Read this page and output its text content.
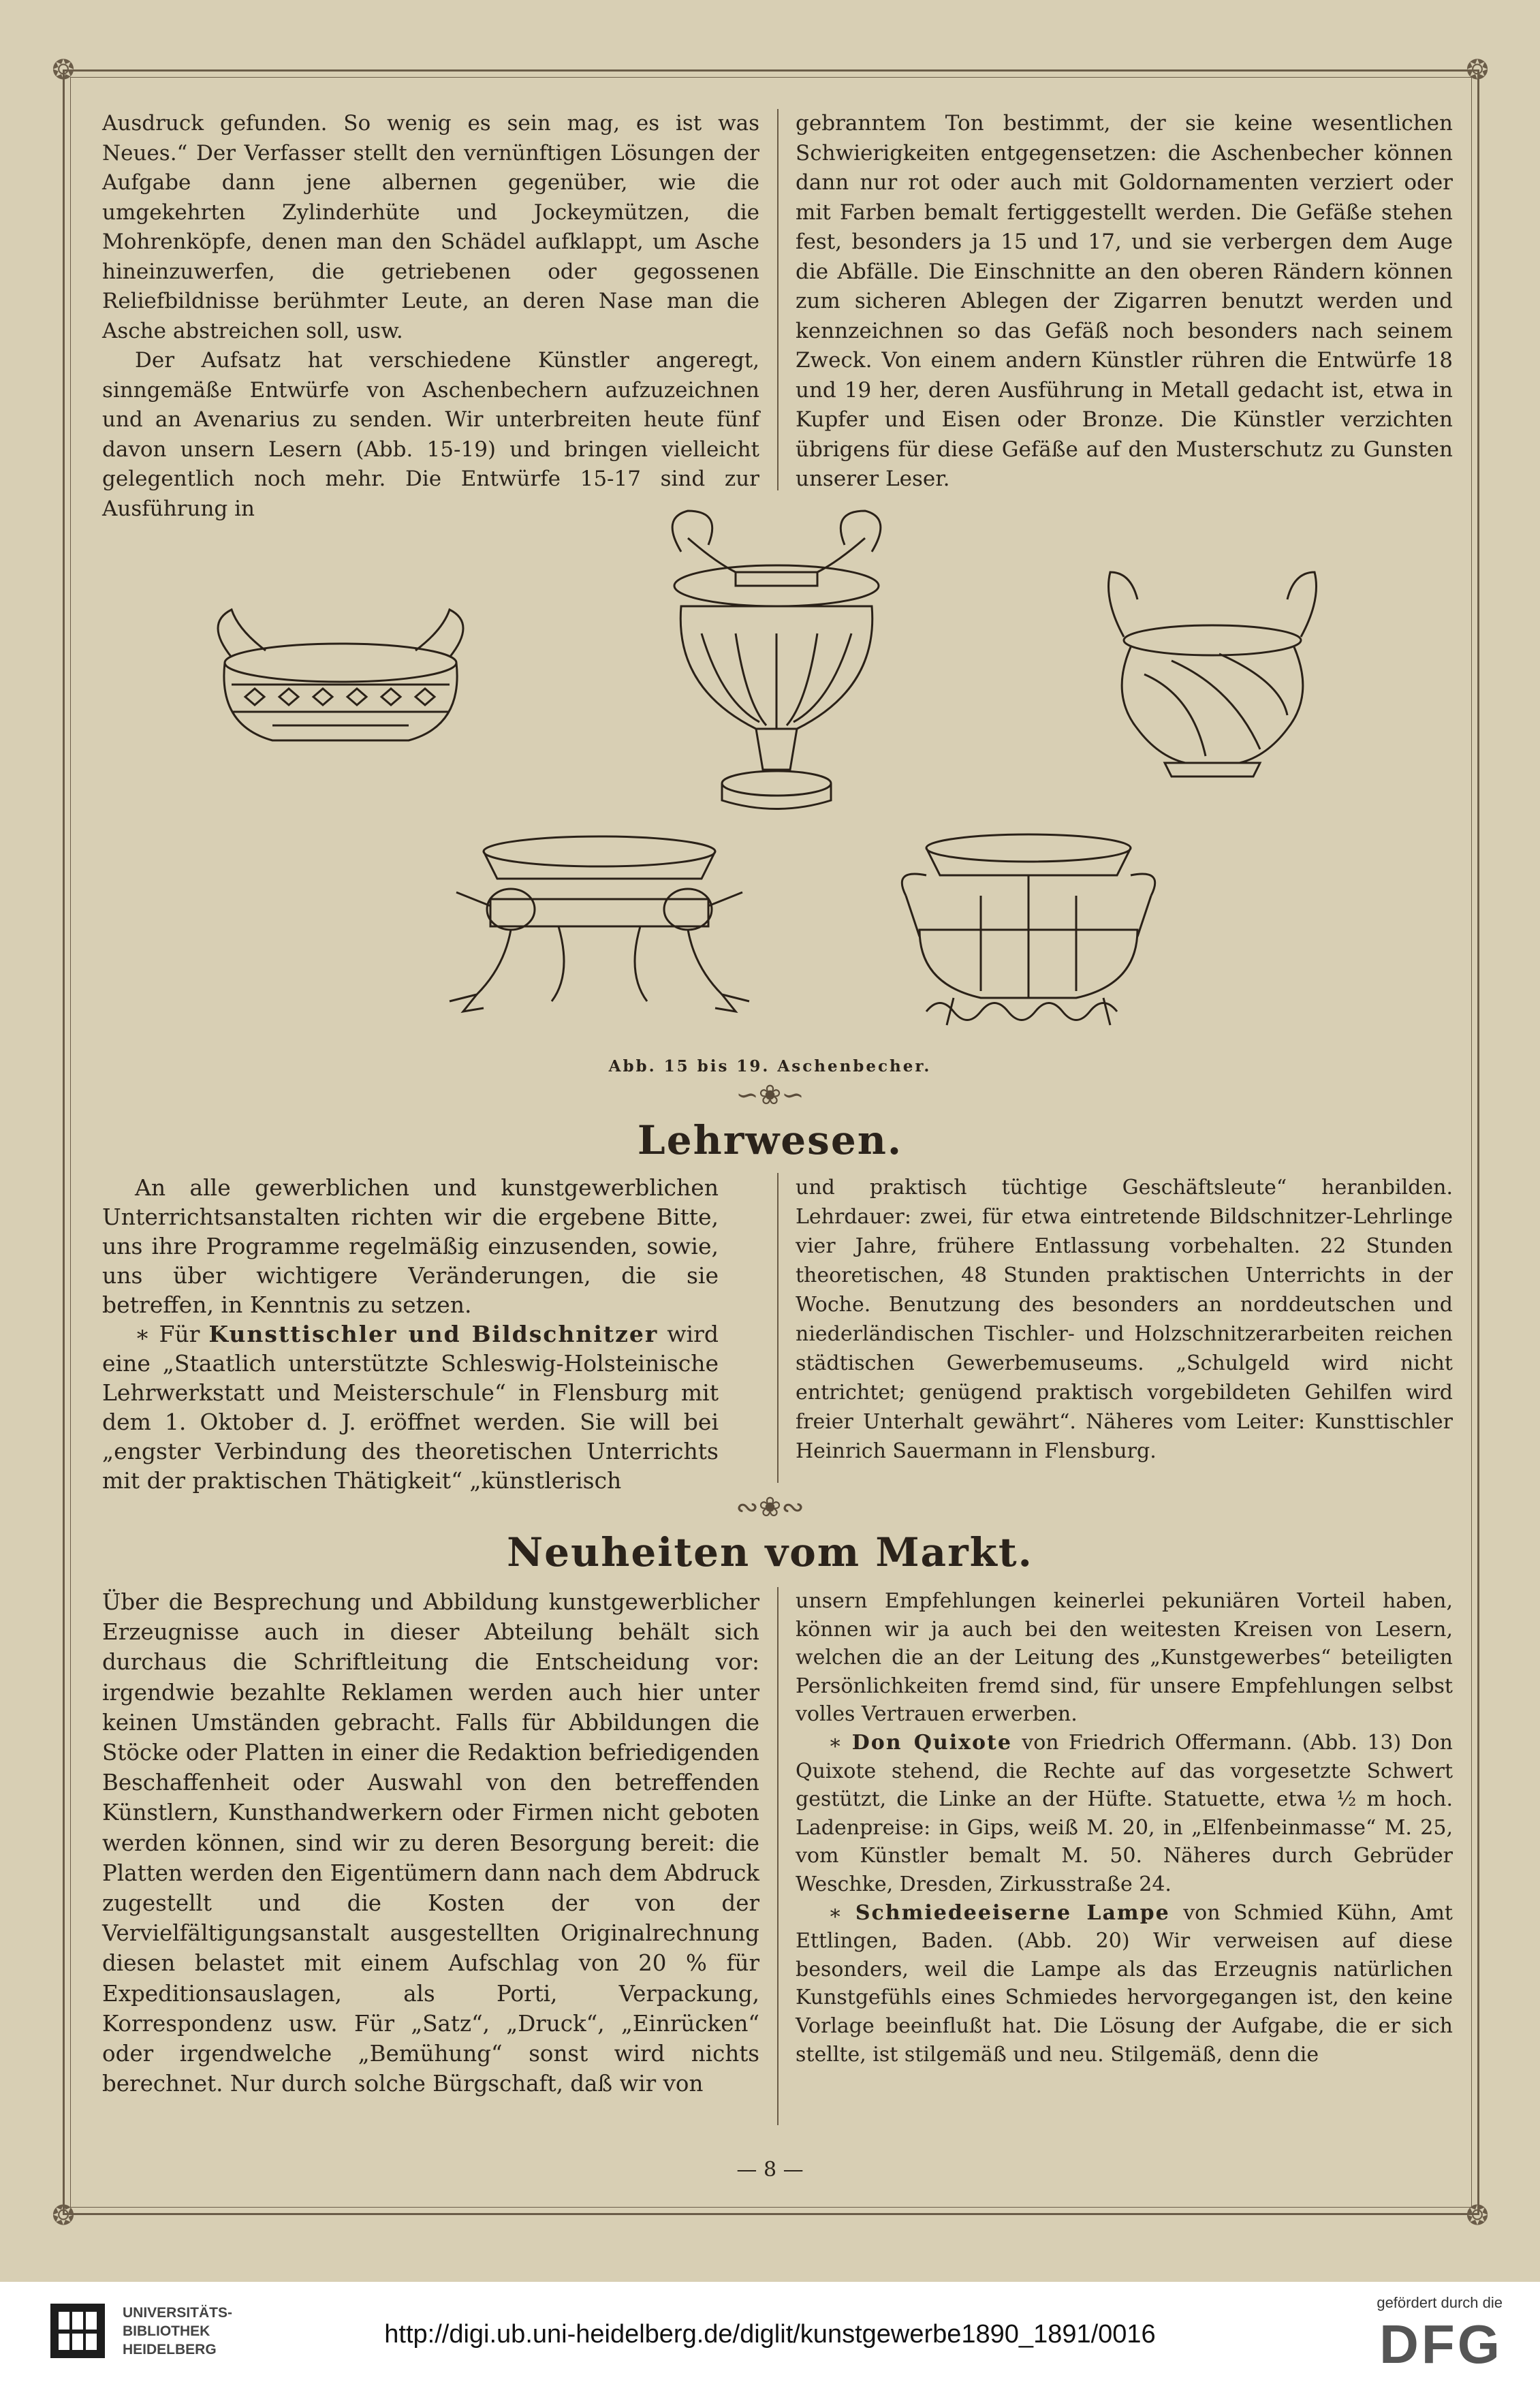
❂	❂
❂	❂

Ausdruck gefunden. So wenig es sein mag, es ist was Neues.“ Der Verfasser stellt den vernünftigen Lösungen der Aufgabe dann jene albernen gegenüber, wie die umgekehrten Zylinderhüte und Jockeymützen, die Mohrenköpfe, denen man den Schädel aufklappt, um Asche hineinzuwerfen, die getriebenen oder gegossenen Reliefbildnisse berühmter Leute, an deren Nase man die Asche abstreichen soll, usw.

Der Aufsatz hat verschiedene Künstler angeregt, sinngemäße Entwürfe von Aschenbechern aufzuzeichnen und an Avenarius zu senden. Wir unterbreiten heute fünf davon unsern Lesern (Abb. 15-19) und bringen vielleicht gelegentlich noch mehr. Die Entwürfe 15-17 sind zur Ausführung in

gebranntem Ton bestimmt, der sie keine wesentlichen Schwierigkeiten entgegensetzen: die Aschenbecher können dann nur rot oder auch mit Goldornamenten verziert oder mit Farben bemalt fertiggestellt werden. Die Gefäße stehen fest, besonders ja 15 und 17, und sie verbergen dem Auge die Abfälle. Die Einschnitte an den oberen Rändern können zum sicheren Ablegen der Zigarren benutzt werden und kennzeichnen so das Gefäß noch besonders nach seinem Zweck. Von einem andern Künstler rühren die Entwürfe 18 und 19 her, deren Ausführung in Metall gedacht ist, etwa in Kupfer und Eisen oder Bronze. Die Künstler verzichten übrigens für diese Gefäße auf den Musterschutz zu Gunsten unserer Leser.

Abb. 15 bis 19. Aschenbecher.
∽❀∽
Lehrwesen.

An alle gewerblichen und kunstgewerblichen Unterrichtsanstalten richten wir die ergebene Bitte, uns ihre Programme regelmäßig einzusenden, sowie, uns über wichtigere Veränderungen, die sie betreffen, in Kenntnis zu setzen.

∗ Für Kunsttischler und Bildschnitzer wird eine „Staatlich unterstützte Schleswig-Holsteinische Lehrwerkstatt und Meisterschule“ in Flensburg mit dem 1. Oktober d. J. eröffnet werden. Sie will bei „engster Verbindung des theoretischen Unterrichts mit der praktischen Thätigkeit“ „künstlerisch

und praktisch tüchtige Geschäftsleute“ heranbilden. Lehrdauer: zwei, für etwa eintretende Bildschnitzer-Lehrlinge vier Jahre, frühere Entlassung vorbehalten. 22 Stunden theoretischen, 48 Stunden praktischen Unterrichts in der Woche. Benutzung des besonders an norddeutschen und niederländischen Tischler- und Holzschnitzerarbeiten reichen städtischen Gewerbemuseums. „Schulgeld wird nicht entrichtet; genügend praktisch vorgebildeten Gehilfen wird freier Unterhalt gewährt“. Näheres vom Leiter: Kunsttischler Heinrich Sauermann in Flensburg.

∾❀∾
Neuheiten vom Markt.

Über die Besprechung und Abbildung kunstgewerblicher Erzeugnisse auch in dieser Abteilung behält sich durchaus die Schriftleitung die Entscheidung vor: irgendwie bezahlte Reklamen werden auch hier unter keinen Umständen gebracht. Falls für Abbildungen die Stöcke oder Platten in einer die Redaktion befriedigenden Beschaffenheit oder Auswahl von den betreffenden Künstlern, Kunsthandwerkern oder Firmen nicht geboten werden können, sind wir zu deren Besorgung bereit: die Platten werden den Eigentümern dann nach dem Abdruck zugestellt und die Kosten der von der Vervielfältigungsanstalt ausgestellten Originalrechnung diesen belastet mit einem Aufschlag von 20 % für Expeditionsauslagen, als Porti, Verpackung, Korrespondenz usw. Für „Satz“, „Druck“, „Einrücken“ oder irgendwelche „Bemühung“ sonst wird nichts berechnet. Nur durch solche Bürgschaft, daß wir von

unsern Empfehlungen keinerlei pekuniären Vorteil haben, können wir ja auch bei den weitesten Kreisen von Lesern, welchen die an der Leitung des „Kunstgewerbes“ beteiligten Persönlichkeiten fremd sind, für unsere Empfehlungen selbst volles Vertrauen erwerben.

∗ Don Quixote von Friedrich Offermann. (Abb. 13) Don Quixote stehend, die Rechte auf das vorgesetzte Schwert gestützt, die Linke an der Hüfte. Statuette, etwa ½ m hoch. Ladenpreise: in Gips, weiß M. 20, in „Elfenbeinmasse“ M. 25, vom Künstler bemalt M. 50. Näheres durch Gebrüder Weschke, Dresden, Zirkusstraße 24.

∗ Schmiedeeiserne Lampe von Schmied Kühn, Amt Ettlingen, Baden. (Abb. 20) Wir verweisen auf diese besonders, weil die Lampe als das Erzeugnis natürlichen Kunstgefühls eines Schmiedes hervorgegangen ist, den keine Vorlage beeinflußt hat. Die Lösung der Aufgabe, die er sich stellte, ist stilgemäß und neu. Stilgemäß, denn die

— 8 —
UNIVERSITÄTS-
BIBLIOTHEK
HEIDELBERG
http://digi.ub.uni-heidelberg.de/diglit/kunstgewerbe1890_1891/0016
gefördert durch die
DFG
